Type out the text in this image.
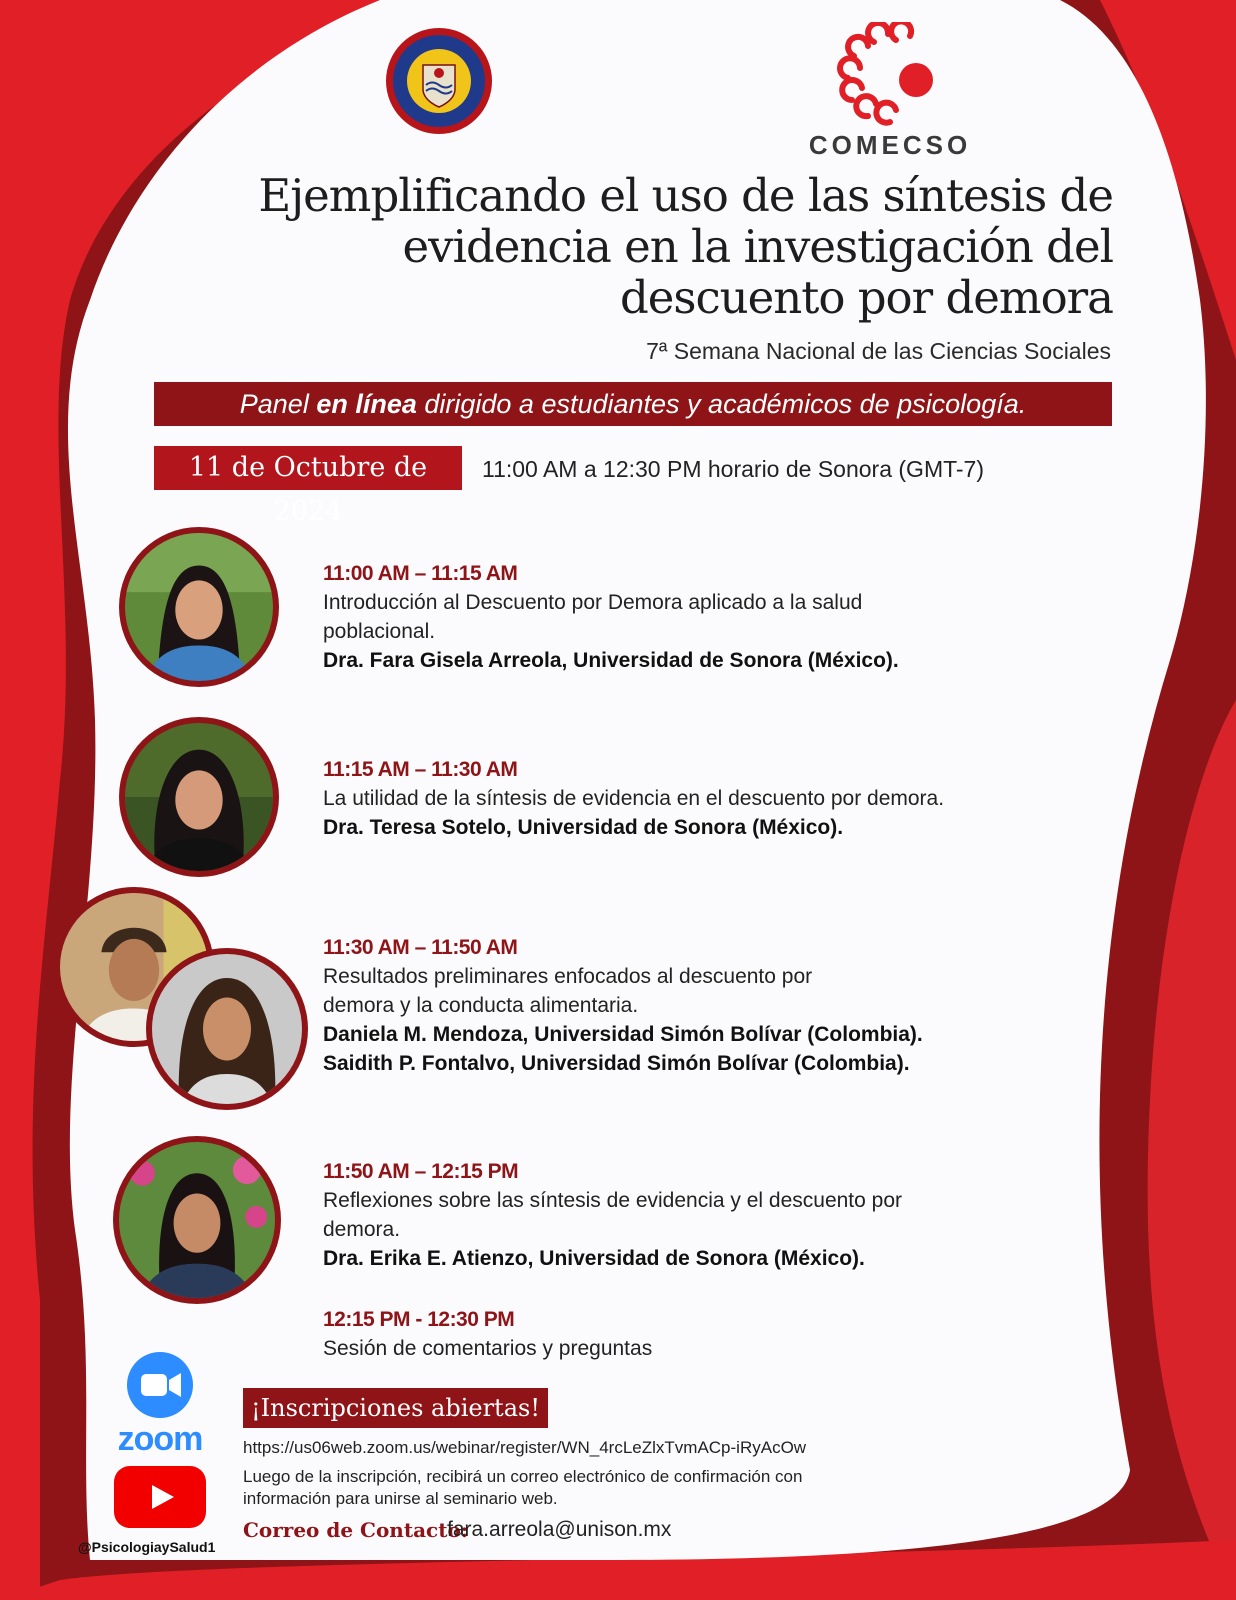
COMECSO
Ejemplificando el uso de las síntesis de
evidencia en la investigación del
descuento por demora
7ª Semana Nacional de las Ciencias Sociales
Panel en línea dirigido a estudiantes y académicos de psicología.
11 de Octubre de 2024
11:00 AM a 12:30 PM horario de Sonora (GMT-7)
11:00 AM – 11:15 AM
Introducción al Descuento por Demora aplicado a la salud poblacional.
Dra. Fara Gisela Arreola, Universidad de Sonora (México).
11:15 AM – 11:30 AM
La utilidad de la síntesis de evidencia en el descuento por demora.
Dra. Teresa Sotelo, Universidad de Sonora (México).
11:30 AM – 11:50 AM
Resultados preliminares enfocados al descuento por demora y la conducta alimentaria.
Daniela M. Mendoza, Universidad Simón Bolívar (Colombia).
Saidith P. Fontalvo, Universidad Simón Bolívar (Colombia).
11:50 AM – 12:15 PM
Reflexiones sobre las síntesis de evidencia y el descuento por demora.
Dra. Erika E. Atienzo, Universidad de Sonora (México).
12:15 PM - 12:30 PM
Sesión de comentarios y preguntas
zoom
@PsicologiaySalud1
¡Inscripciones abiertas!
https://us06web.zoom.us/webinar/register/WN_4rcLeZlxTvmACp-iRyAcOw
Luego de la inscripción, recibirá un correo electrónico de confirmación con información para unirse al seminario web.
Correo de Contacto:
fara.arreola@unison.mx
